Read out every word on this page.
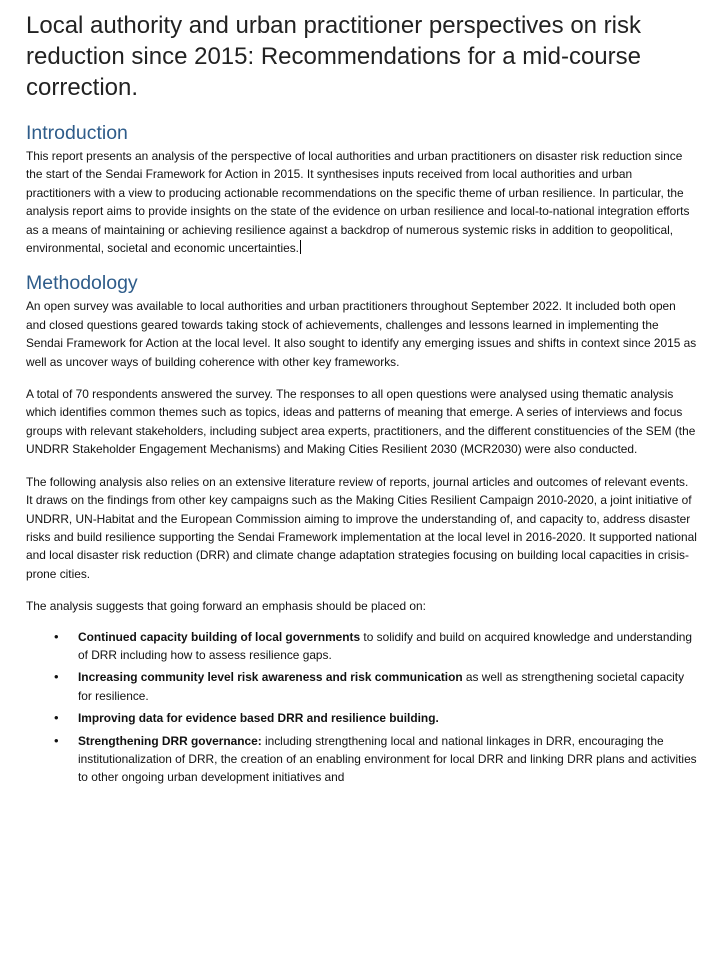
Local authority and urban practitioner perspectives on risk reduction since 2015: Recommendations for a mid-course correction.
Introduction

This report presents an analysis of the perspective of local authorities and urban practitioners on disaster risk reduction since the start of the Sendai Framework for Action in 2015. It synthesises inputs received from local authorities and urban practitioners with a view to producing actionable recommendations on the specific theme of urban resilience. In particular, the analysis report aims to provide insights on the state of the evidence on urban resilience and local-to-national integration efforts as a means of maintaining or achieving resilience against a backdrop of numerous systemic risks in addition to geopolitical, environmental, societal and economic uncertainties.

Methodology

An open survey was available to local authorities and urban practitioners throughout September 2022. It included both open and closed questions geared towards taking stock of achievements, challenges and lessons learned in implementing the Sendai Framework for Action at the local level. It also sought to identify any emerging issues and shifts in context since 2015 as well as uncover ways of building coherence with other key frameworks.

A total of 70 respondents answered the survey. The responses to all open questions were analysed using thematic analysis which identifies common themes such as topics, ideas and patterns of meaning that emerge. A series of interviews and focus groups with relevant stakeholders, including subject area experts, practitioners, and the different constituencies of the SEM (the UNDRR Stakeholder Engagement Mechanisms) and Making Cities Resilient 2030 (MCR2030) were also conducted.

The following analysis also relies on an extensive literature review of reports, journal articles and outcomes of relevant events. It draws on the findings from other key campaigns such as the Making Cities Resilient Campaign 2010-2020, a joint initiative of UNDRR, UN-Habitat and the European Commission aiming to improve the understanding of, and capacity to, address disaster risks and build resilience supporting the Sendai Framework implementation at the local level in 2016-2020. It supported national and local disaster risk reduction (DRR) and climate change adaptation strategies focusing on building local capacities in crisis-prone cities.

The analysis suggests that going forward an emphasis should be placed on:

• Continued capacity building of local governments to solidify and build on acquired knowledge and understanding of DRR including how to assess resilience gaps.
• Increasing community level risk awareness and risk communication as well as strengthening societal capacity for resilience.
• Improving data for evidence based DRR and resilience building.
• Strengthening DRR governance: including strengthening local and national linkages in DRR, encouraging the institutionalization of DRR, the creation of an enabling environment for local DRR and linking DRR plans and activities to other ongoing urban development initiatives and
